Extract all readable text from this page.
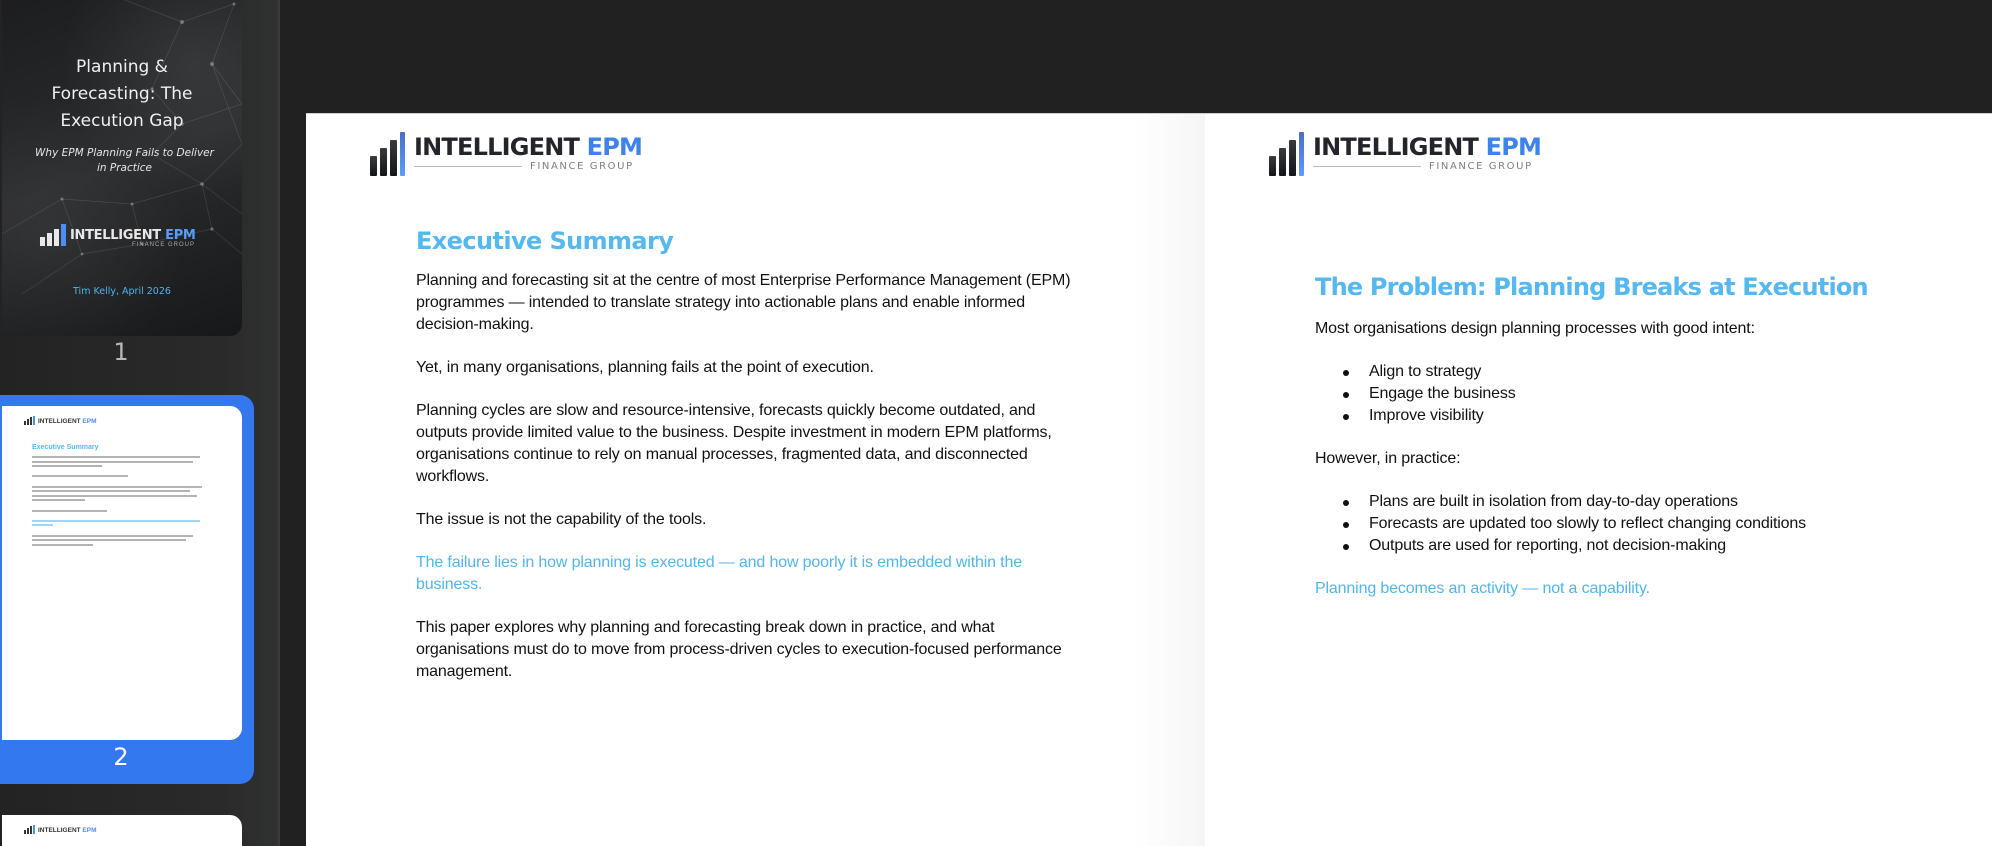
Planning &
Forecasting: The
Execution Gap
Why EPM Planning Fails to Deliver in Practice
INTELLIGENT EPM
FINANCE GROUP
Tim Kelly, April 2026
1
INTELLIGENT EPM
Executive Summary
2
INTELLIGENT EPM
INTELLIGENT EPM
FINANCE GROUP
Executive Summary
Planning and forecasting sit at the centre of most Enterprise Performance Management (EPM) programmes — intended to translate strategy into actionable plans and enable informed decision-making.
Yet, in many organisations, planning fails at the point of execution.
Planning cycles are slow and resource-intensive, forecasts quickly become outdated, and outputs provide limited value to the business. Despite investment in modern EPM platforms, organisations continue to rely on manual processes, fragmented data, and disconnected workflows.
The issue is not the capability of the tools.
The failure lies in how planning is executed — and how poorly it is embedded within the business.
This paper explores why planning and forecasting break down in practice, and what organisations must do to move from process-driven cycles to execution-focused performance management.
INTELLIGENT EPM
FINANCE GROUP
The Problem: Planning Breaks at Execution
Most organisations design planning processes with good intent:
Align to strategy
Engage the business
Improve visibility
However, in practice:
Plans are built in isolation from day-to-day operations
Forecasts are updated too slowly to reflect changing conditions
Outputs are used for reporting, not decision-making
Planning becomes an activity — not a capability.
